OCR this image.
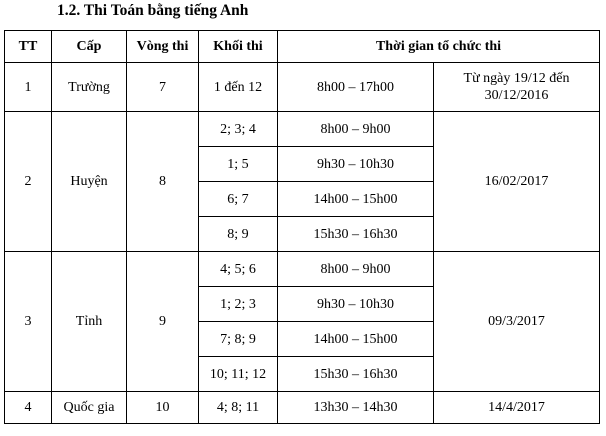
1.2. Thi Toán bằng tiếng Anh
TT	Cấp	Vòng thi	Khối thi	Thời gian tổ chức thi	
1	Trường	7	1 đến 12	8h00 – 17h00	Từ ngày 19/12 đến 30/12/2016
2	Huyện	8	2; 3; 4	8h00 – 9h00	16/02/2017
			1; 5	9h30 – 10h30	
			6; 7	14h00 – 15h00	
			8; 9	15h30 – 16h30	
3	Tỉnh	9	4; 5; 6	8h00 – 9h00	09/3/2017
			1; 2; 3	9h30 – 10h30	
			7; 8; 9	14h00 – 15h00	
			10; 11; 12	15h30 – 16h30	
4	Quốc gia	10	4; 8; 11	13h30 – 14h30	14/4/2017
